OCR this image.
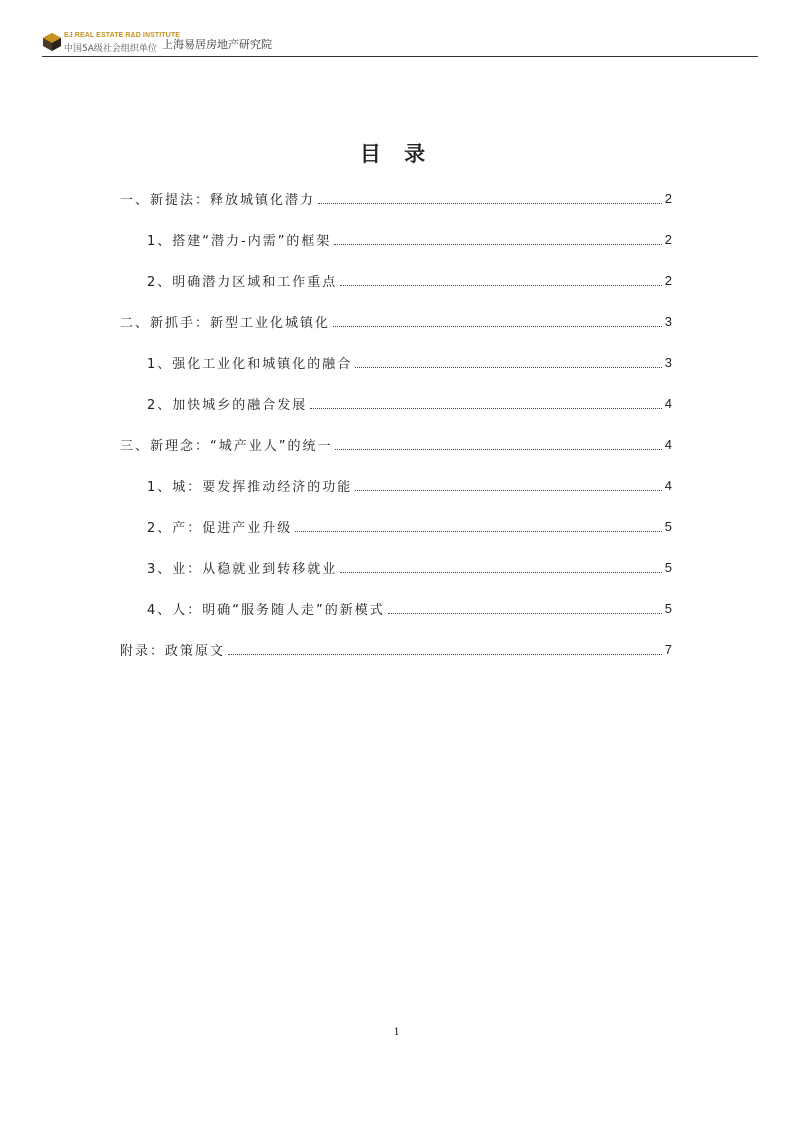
EJ REAL ESTATE R&D INSTITUTE
中国5A级社会组织单位 上海易居房地产研究院
目 录
一、新提法：释放城镇化潜力	2
1、搭建“潜力-内需”的框架	2
2、明确潜力区域和工作重点	2
二、新抓手：新型工业化城镇化	3
1、强化工业化和城镇化的融合	3
2、加快城乡的融合发展	4
三、新理念：“城产业人”的统一	4
1、城：要发挥推动经济的功能	4
2、产：促进产业升级	5
3、业：从稳就业到转移就业	5
4、人：明确“服务随人走”的新模式	5
附录：政策原文	7
1
